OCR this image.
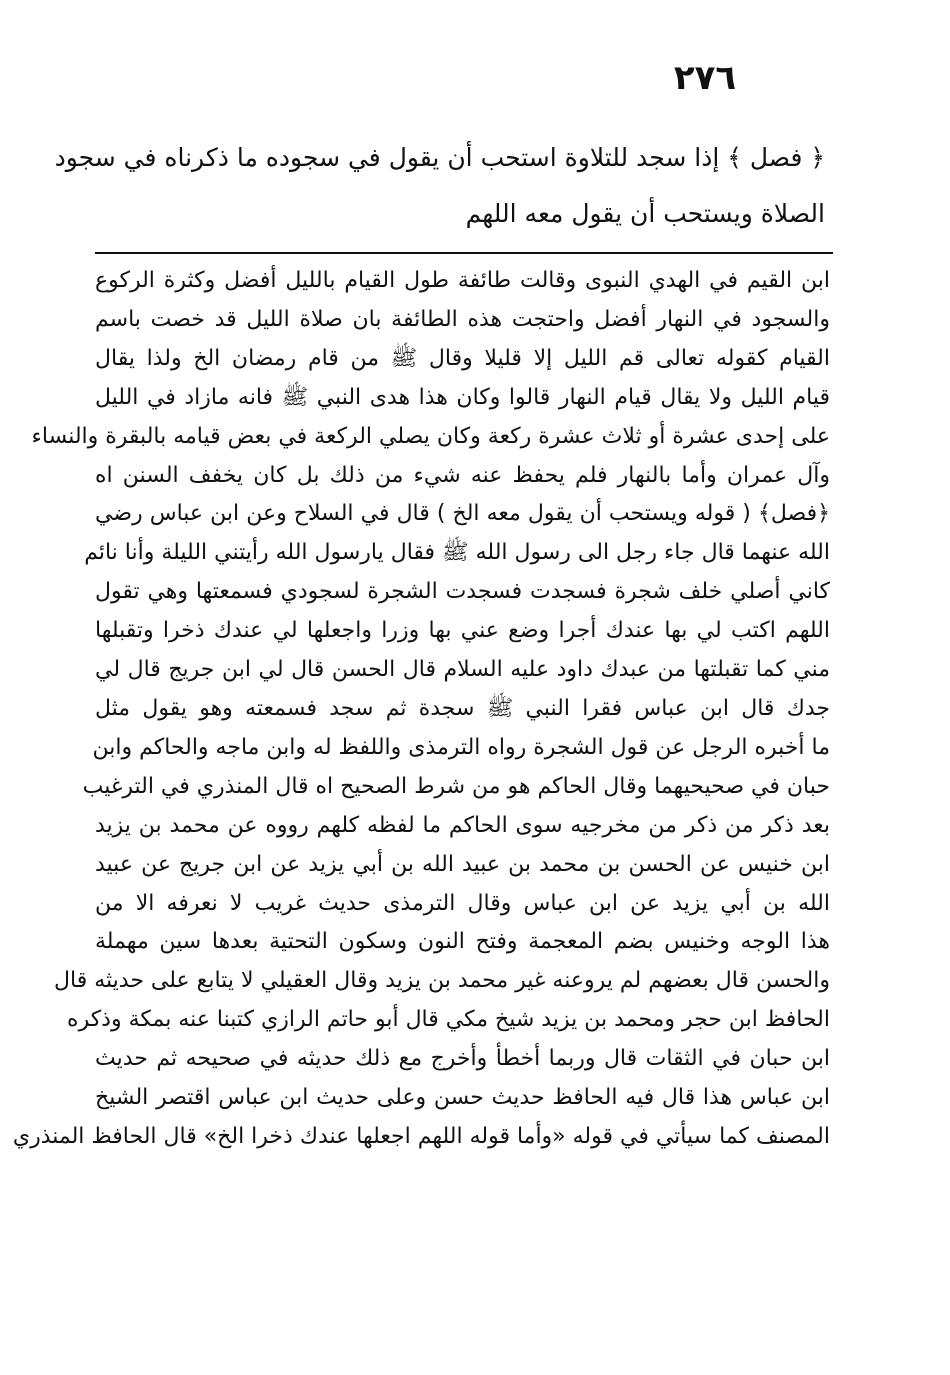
٢٧٦
﴿ فصل ﴾ إذا سجد للتلاوة استحب أن يقول في سجوده ما ذكرناه في سجود
الصلاة ويستحب أن يقول معه اللهم
ابن القيم في الهدي النبوى وقالت طائفة طول القيام بالليل أفضل وكثرة الركوع
والسجود في النهار أفضل واحتجت هذه الطائفة بان صلاة الليل قد خصت باسم
القيام كقوله تعالى قم الليل إلا قليلا وقال ﷺ من قام رمضان الخ ولذا يقال
قيام الليل ولا يقال قيام النهار قالوا وكان هذا هدى النبي ﷺ فانه مازاد في الليل
على إحدى عشرة أو ثلاث عشرة ركعة وكان يصلي الركعة في بعض قيامه بالبقرة والنساء
وآل عمران وأما بالنهار فلم يحفظ عنه شيء من ذلك بل كان يخفف السنن اه
﴿فصل﴾ ( قوله ويستحب أن يقول معه الخ ) قال في السلاح وعن ابن عباس رضي
الله عنهما قال جاء رجل الى رسول الله ﷺ فقال يارسول الله رأيتني الليلة وأنا نائم
كاني أصلي خلف شجرة فسجدت فسجدت الشجرة لسجودي فسمعتها وهي تقول
اللهم اكتب لي بها عندك أجرا وضع عني بها وزرا واجعلها لي عندك ذخرا وتقبلها
مني كما تقبلتها من عبدك داود عليه السلام قال الحسن قال لي ابن جريج قال لي
جدك قال ابن عباس فقرا النبي ﷺ سجدة ثم سجد فسمعته وهو يقول مثل
ما أخبره الرجل عن قول الشجرة رواه الترمذى واللفظ له وابن ماجه والحاكم وابن
حبان في صحيحيهما وقال الحاكم هو من شرط الصحيح اه قال المنذري في الترغيب
بعد ذكر من ذكر من مخرجيه سوى الحاكم ما لفظه كلهم رووه عن محمد بن يزيد
ابن خنيس عن الحسن بن محمد بن عبيد الله بن أبي يزيد عن ابن جريج عن عبيد
الله بن أبي يزيد عن ابن عباس وقال الترمذى حديث غريب لا نعرفه الا من
هذا الوجه وخنيس بضم المعجمة وفتح النون وسكون التحتية بعدها سين مهملة
والحسن قال بعضهم لم يروعنه غير محمد بن يزيد وقال العقيلي لا يتابع على حديثه قال
الحافظ ابن حجر ومحمد بن يزيد شيخ مكي قال أبو حاتم الرازي كتبنا عنه بمكة وذكره
ابن حبان في الثقات قال وربما أخطأ وأخرج مع ذلك حديثه في صحيحه ثم حديث
ابن عباس هذا قال فيه الحافظ حديث حسن وعلى حديث ابن عباس اقتصر الشيخ
المصنف كما سيأتي في قوله «وأما قوله اللهم اجعلها عندك ذخرا الخ» قال الحافظ المنذري
